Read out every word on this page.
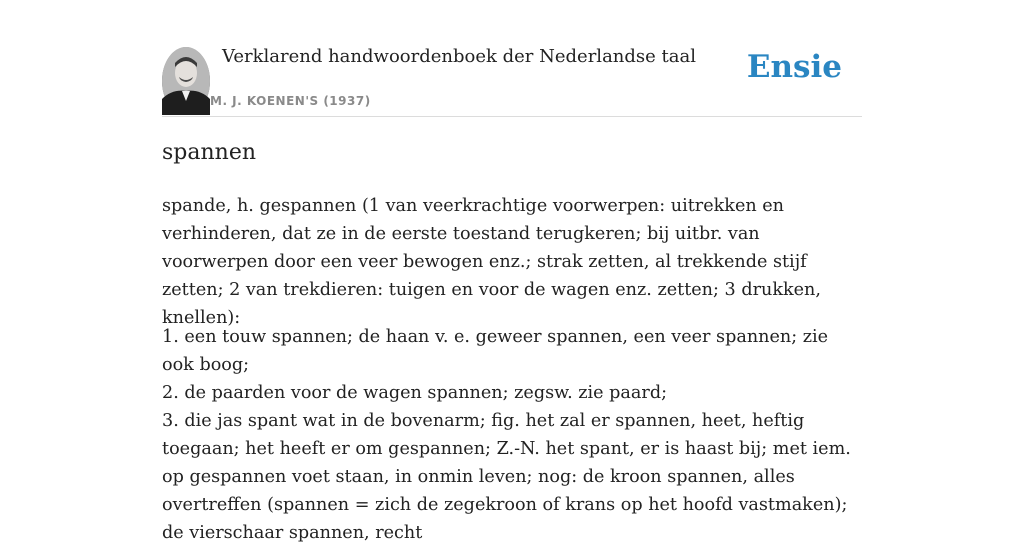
Verklarend handwoordenboek der Nederlandse taal
M. J. KOENEN'S (1937)
Ensie
spannen

spande, h. gespannen (1 van veerkrachtige voorwerpen: uitrekken en verhinderen, dat ze in de eerste toestand terugkeren; bij uitbr. van voorwerpen door een veer bewogen enz.; strak zetten, al trekkende stijf zetten; 2 van trekdieren: tuigen en voor de wagen enz. zetten; 3 drukken, knellen):

1. een touw spannen; de haan v. e. geweer spannen, een veer spannen; zie ook boog;
2. de paarden voor de wagen spannen; zegsw. zie paard;
3. die jas spant wat in de bovenarm; fig. het zal er spannen, heet, heftig toegaan; het heeft er om gespannen; Z.-N. het spant, er is haast bij; met iem. op gespannen voet staan, in onmin leven; nog: de kroon spannen, alles overtreffen (spannen = zich de zegekroon of krans op het hoofd vastmaken); de vierschaar spannen, recht
